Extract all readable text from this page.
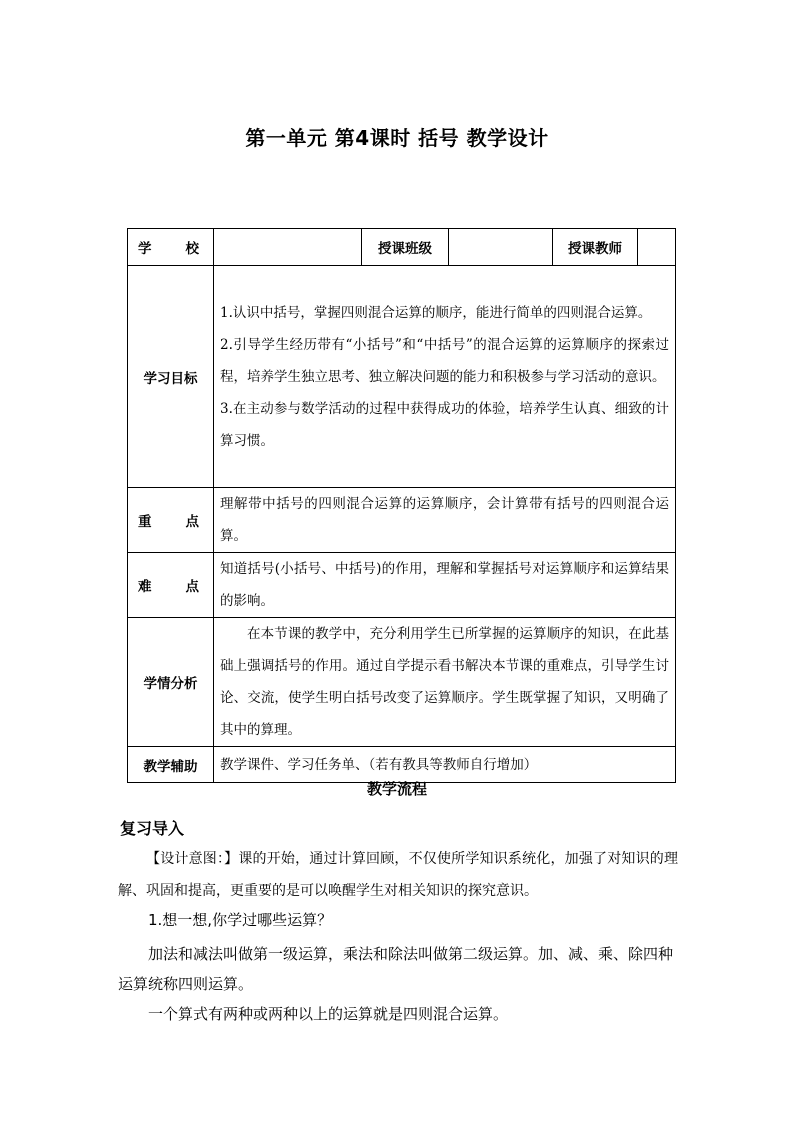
第一单元 第4课时 括号 教学设计
学 校		授课班级		授课教师	
学习目标	1.认识中括号，掌握四则混合运算的顺序，能进行简单的四则混合运算。

2.引导学生经历带有“小括号”和“中括号”的混合运算的运算顺序的探索过程，培养学生独立思考、独立解决问题的能力和积极参与学习活动的意识。

3.在主动参与数学活动的过程中获得成功的体验，培养学生认真、细致的计算习惯。				

重 点	理解带中括号的四则混合运算的运算顺序，会计算带有括号的四则混合运算。				

难 点	知道括号(小括号、中括号)的作用，理解和掌握括号对运算顺序和运算结果的影响。				
学情分析	在本节课的教学中，充分利用学生已所掌握的运算顺序的知识，在此基础上强调括号的作用。通过自学提示看书解决本节课的重难点，引导学生讨论、交流，使学生明白括号改变了运算顺序。学生既掌握了知识，又明确了其中的算理。				

教学辅助	教学课件、学习任务单、（若有教具等教师自行增加）				
教学流程
复习导入

【设计意图：】课的开始，通过计算回顾，不仅使所学知识系统化，加强了对知识的理解、巩固和提高，更重要的是可以唤醒学生对相关知识的探究意识。

1.想一想,你学过哪些运算？

加法和减法叫做第一级运算，乘法和除法叫做第二级运算。加、减、乘、除四种运算统称四则运算。

一个算式有两种或两种以上的运算就是四则混合运算。
